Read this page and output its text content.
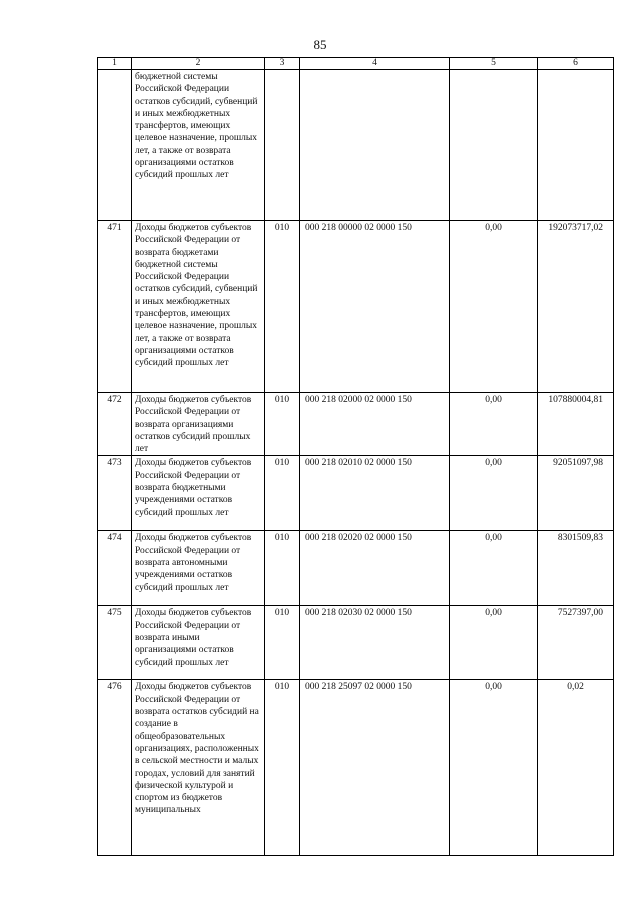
85
1	2	3	4	5	6
	бюджетной системы Российской Федерации остатков субсидий, субвенций и иных межбюджетных трансфертов, имеющих целевое назначение, прошлых лет, а также от возврата организациями остатков субсидий прошлых лет				
471	Доходы бюджетов субъектов Российской Федерации от возврата бюджетами бюджетной системы Российской Федерации остатков субсидий, субвенций и иных межбюджетных трансфертов, имеющих целевое назначение, прошлых лет, а также от возврата организациями остатков субсидий прошлых лет	010	000 218 00000 02 0000 150	0,00	192073717,02
472	Доходы бюджетов субъектов Российской Федерации от возврата организациями остатков субсидий прошлых лет	010	000 218 02000 02 0000 150	0,00	107880004,81
473	Доходы бюджетов субъектов Российской Федерации от возврата бюджетными учреждениями остатков субсидий прошлых лет	010	000 218 02010 02 0000 150	0,00	92051097,98
474	Доходы бюджетов субъектов Российской Федерации от возврата автономными учреждениями остатков субсидий прошлых лет	010	000 218 02020 02 0000 150	0,00	8301509,83
475	Доходы бюджетов субъектов Российской Федерации от возврата иными организациями остатков субсидий прошлых лет	010	000 218 02030 02 0000 150	0,00	7527397,00
476	Доходы бюджетов субъектов Российской Федерации от возврата остатков субсидий на создание в общеобразовательных организациях, расположенных в сельской местности и малых городах, условий для занятий физической культурой и спортом из бюджетов муниципальных	010	000 218 25097 02 0000 150	0,00	0,02
